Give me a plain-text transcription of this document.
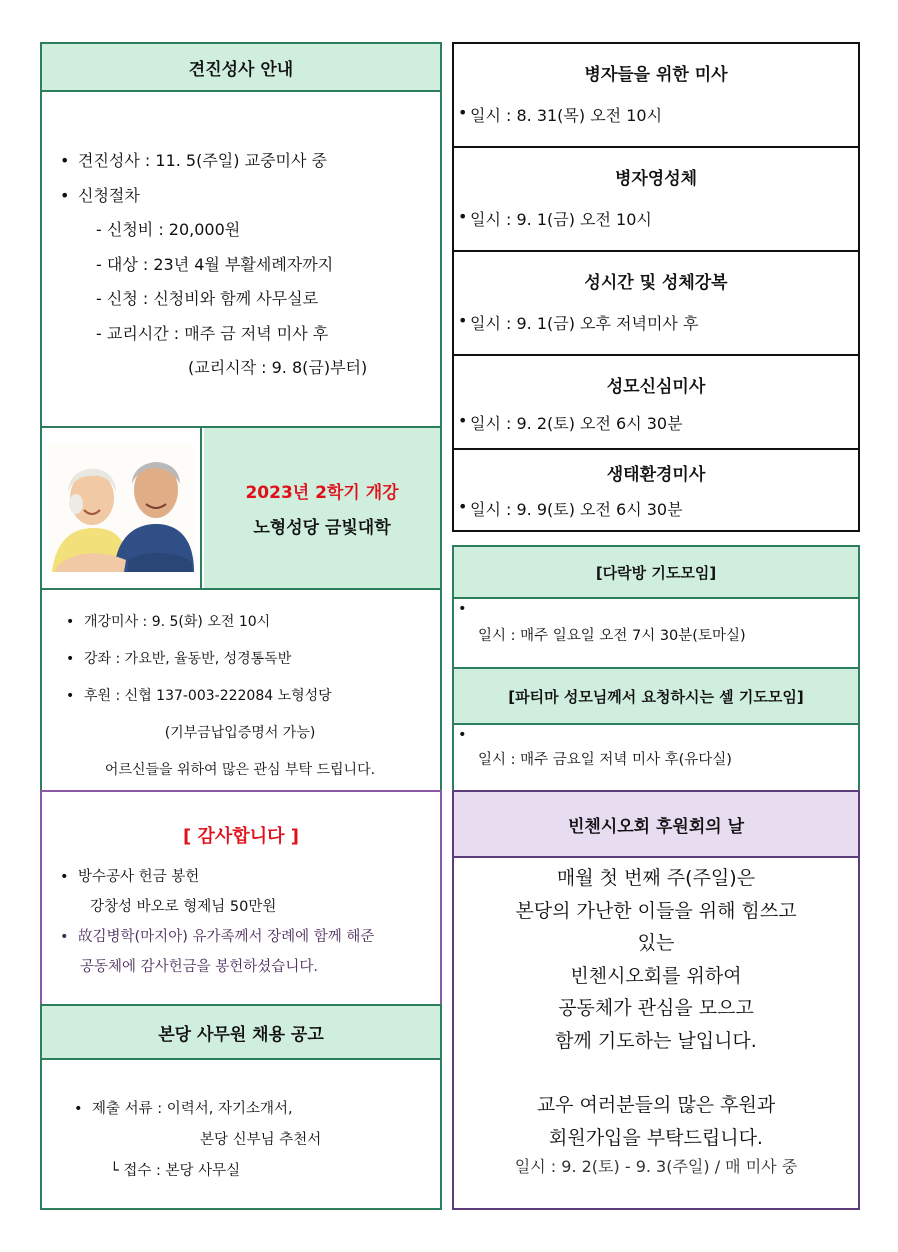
견진성사 안내
• 견진성사 : 11. 5(주일) 교중미사 중
• 신청절차
- 신청비 : 20,000원
- 대상 : 23년 4월 부활세례자까지
- 신청 : 신청비와 함께 사무실로
- 교리시간 : 매주 금 저녁 미사 후
(교리시작 : 9. 8(금)부터)
2023년 2학기 개강
노형성당 금빛대학
• 개강미사 : 9. 5(화) 오전 10시
• 강좌 : 가요반, 율동반, 성경통독반
• 후원 : 신협 137-003-222084 노형성당
(기부금납입증명서 가능)
어르신들을 위하여 많은 관심 부탁 드립니다.
[ 감사합니다 ]
• 방수공사 헌금 봉헌
강창성 바오로 형제님 50만원
• 故김병학(마지아) 유가족께서 장례에 함께 해준
공동체에 감사헌금을 봉헌하셨습니다.
본당 사무원 채용 공고
• 제출 서류 : 이력서, 자기소개서,
본당 신부님 추천서
└ 접수 : 본당 사무실
병자들을 위한 미사
• 일시 : 8. 31(목) 오전 10시
병자영성체
• 일시 : 9. 1(금) 오전 10시
성시간 및 성체강복
• 일시 : 9. 1(금) 오후 저녁미사 후
성모신심미사
• 일시 : 9. 2(토) 오전 6시 30분
생태환경미사
• 일시 : 9. 9(토) 오전 6시 30분
[다락방 기도모임]
• 일시 : 매주 일요일 오전 7시 30분(토마실)
[파티마 성모님께서 요청하시는 셀 기도모임]
• 일시 : 매주 금요일 저녁 미사 후(유다실)
빈첸시오회 후원회의 날
매월 첫 번째 주(주일)은
본당의 가난한 이들을 위해 힘쓰고
있는
빈첸시오회를 위하여
공동체가 관심을 모으고
함께 기도하는 날입니다.
교우 여러분들의 많은 후원과
회원가입을 부탁드립니다.
일시 : 9. 2(토) - 9. 3(주일) / 매 미사 중
